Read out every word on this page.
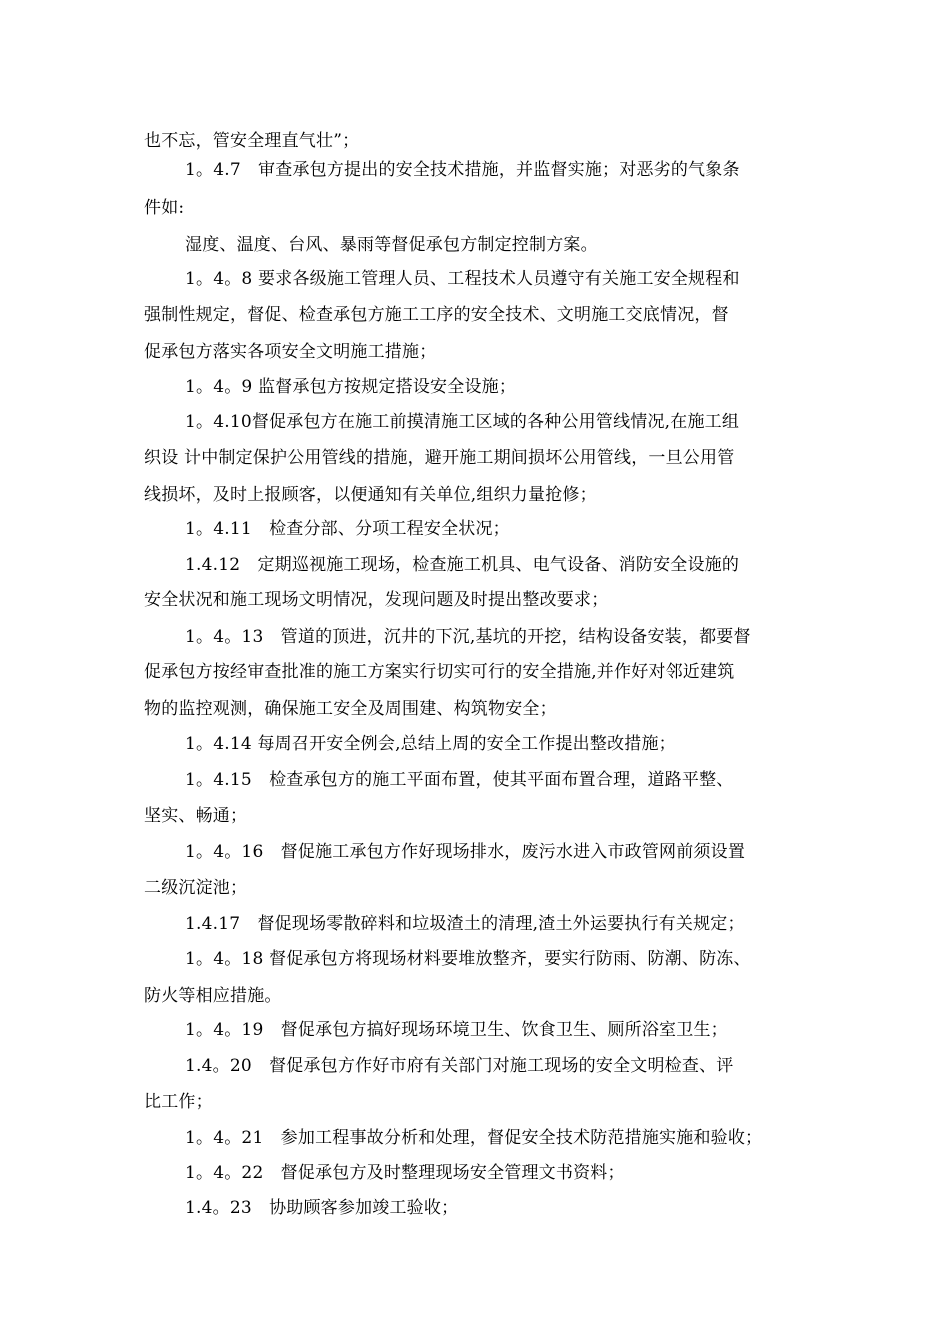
也不忘，管安全理直气壮”；
1。4.7　审查承包方提出的安全技术措施，并监督实施；对恶劣的气象条
件如:
湿度、温度、台风、暴雨等督促承包方制定控制方案。
1。4。8 要求各级施工管理人员、工程技术人员遵守有关施工安全规程和
强制性规定，督促、检查承包方施工工序的安全技术、文明施工交底情况，督
促承包方落实各项安全文明施工措施；
1。4。9 监督承包方按规定搭设安全设施；
1。4.10督促承包方在施工前摸清施工区域的各种公用管线情况,在施工组
织设 计中制定保护公用管线的措施，避开施工期间损坏公用管线，一旦公用管
线损坏，及时上报顾客，以便通知有关单位,组织力量抢修；
1。4.11　检查分部、分项工程安全状况；
1.4.12　定期巡视施工现场，检查施工机具、电气设备、消防安全设施的
安全状况和施工现场文明情况，发现问题及时提出整改要求；
1。4。13　管道的顶进，沉井的下沉,基坑的开挖，结构设备安装，都要督
促承包方按经审查批准的施工方案实行切实可行的安全措施,并作好对邻近建筑
物的监控观测，确保施工安全及周围建、构筑物安全；
1。4.14 每周召开安全例会,总结上周的安全工作提出整改措施；
1。4.15　检查承包方的施工平面布置，使其平面布置合理，道路平整、
坚实、畅通；
1。4。16　督促施工承包方作好现场排水，废污水进入市政管网前须设置
二级沉淀池；
1.4.17　督促现场零散碎料和垃圾渣土的清理,渣土外运要执行有关规定；
1。4。18 督促承包方将现场材料要堆放整齐，要实行防雨、防潮、防冻、
防火等相应措施。
1。4。19　督促承包方搞好现场环境卫生、饮食卫生、厕所浴室卫生；
1.4。20　督促承包方作好市府有关部门对施工现场的安全文明检查、评
比工作；
1。4。21　参加工程事故分析和处理，督促安全技术防范措施实施和验收；
1。4。22　督促承包方及时整理现场安全管理文书资料；
1.4。23　协助顾客参加竣工验收；
